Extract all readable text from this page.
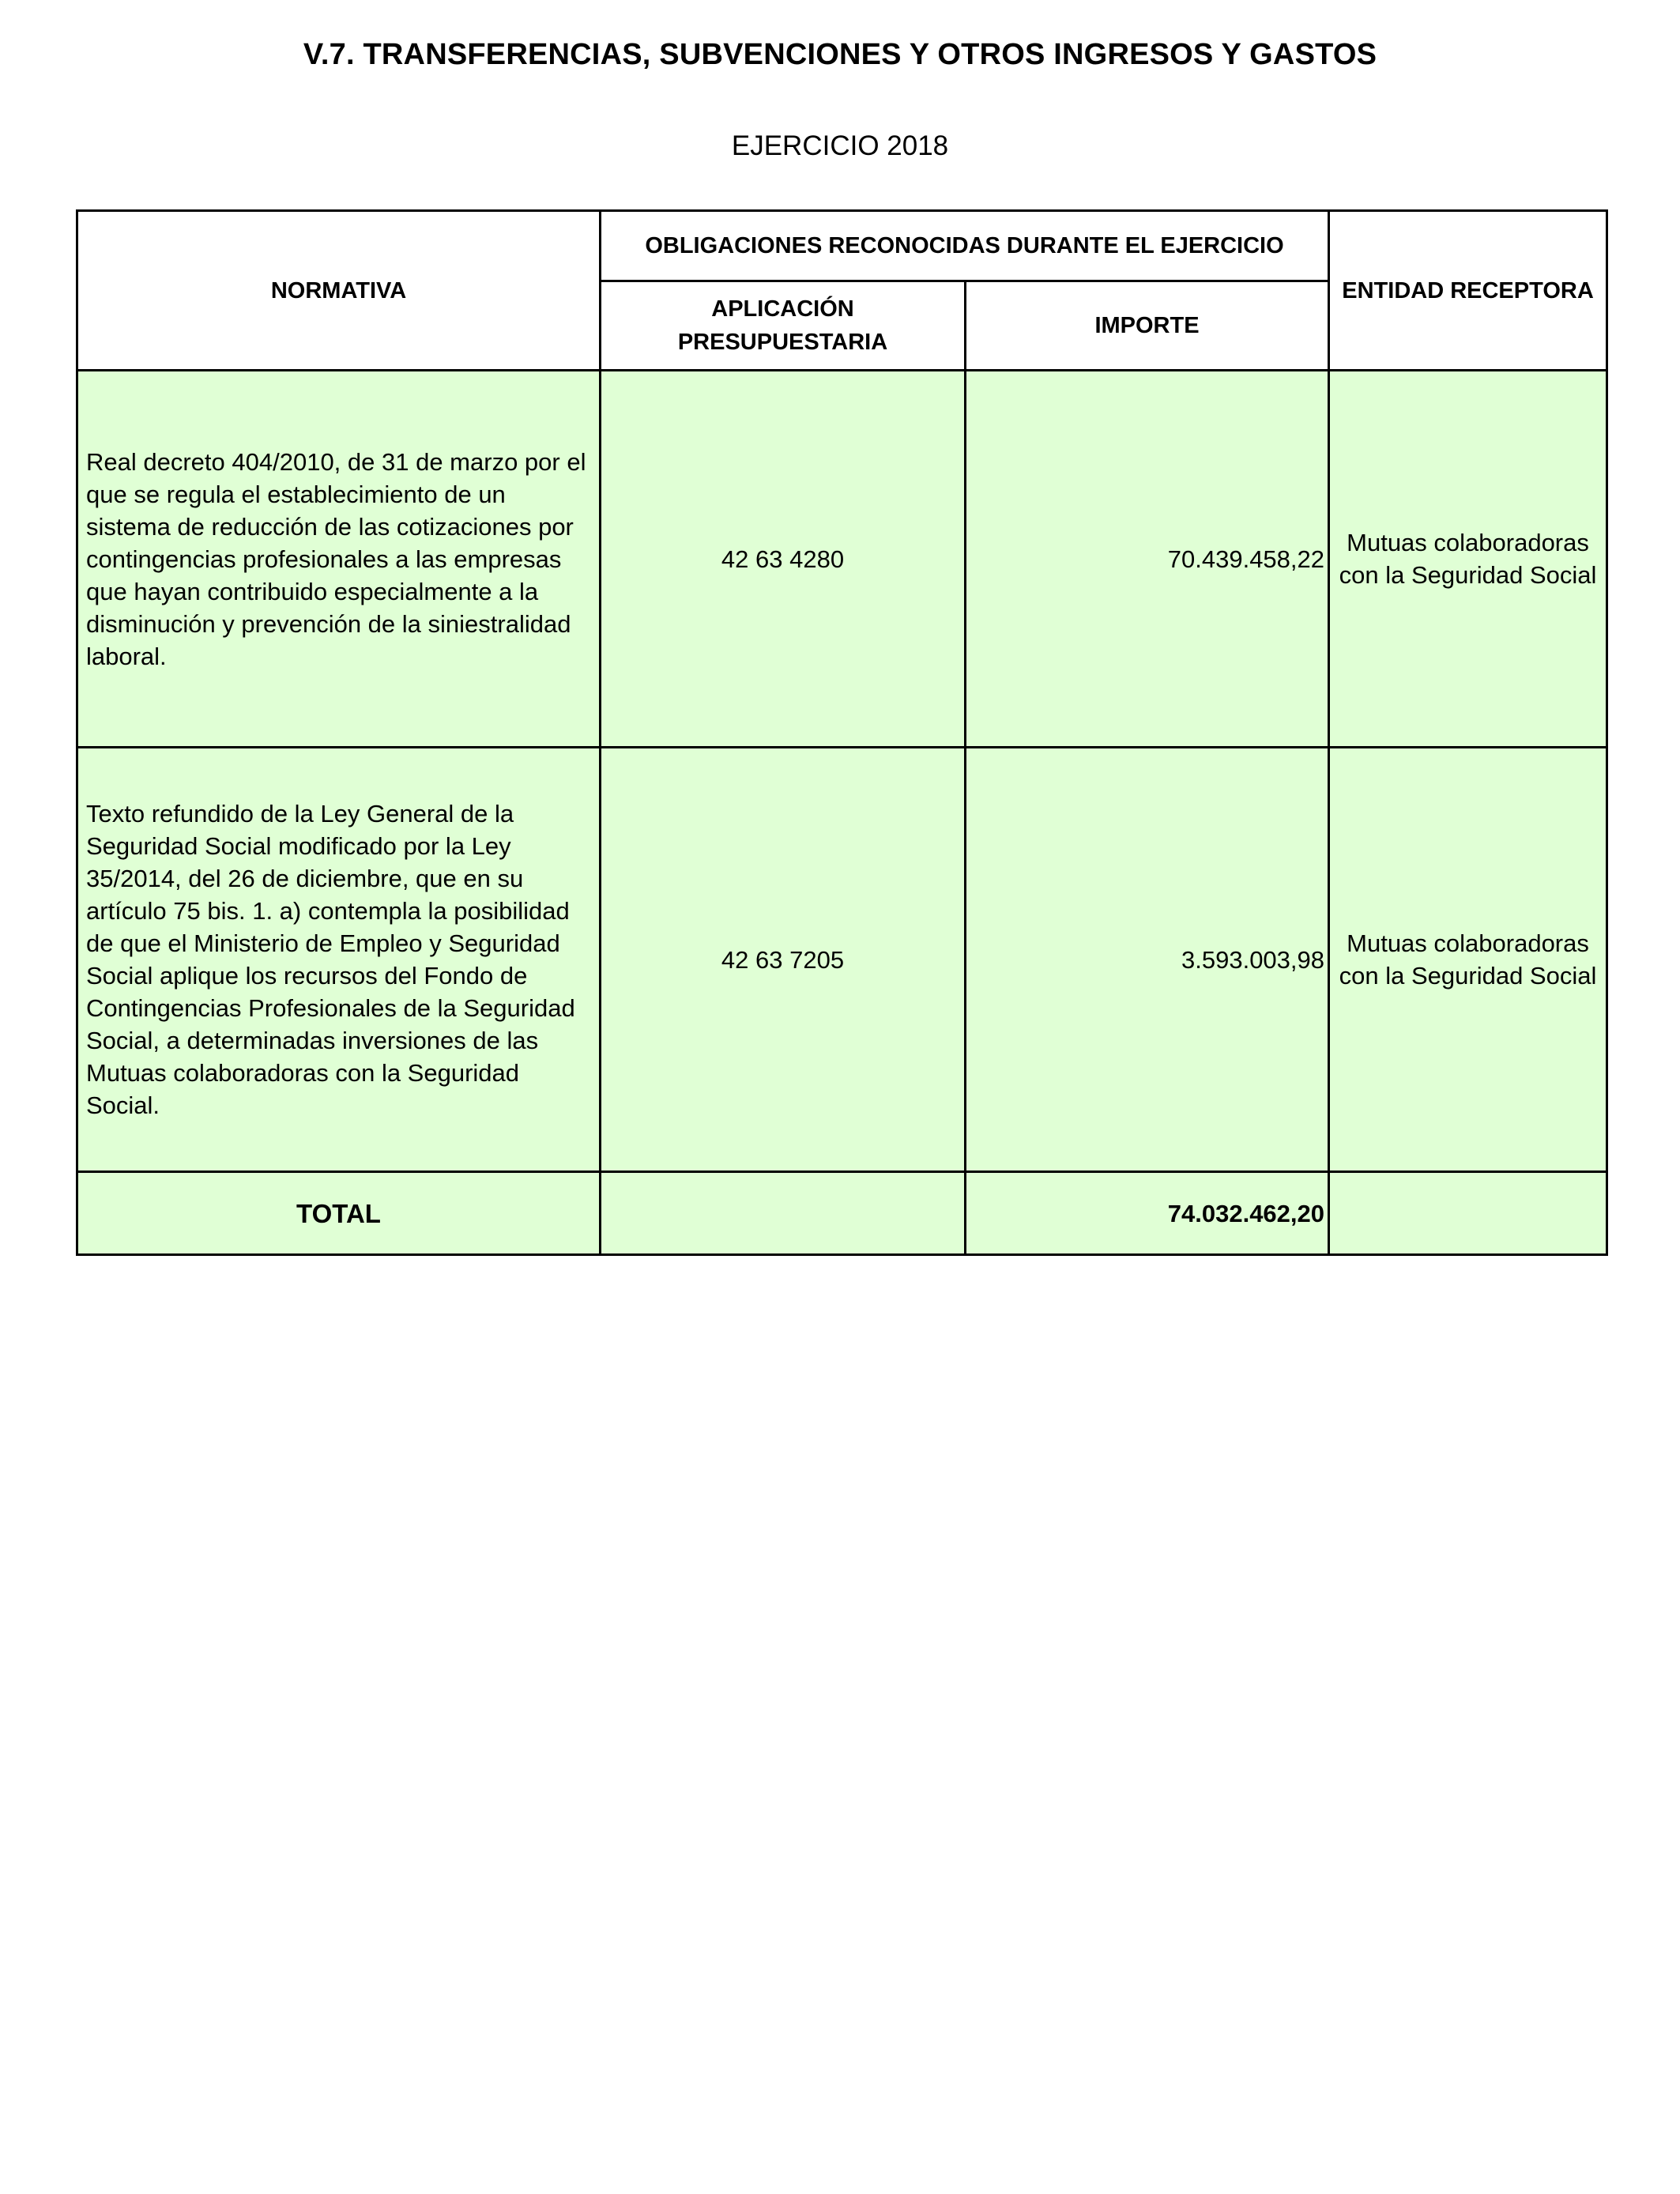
V.7. TRANSFERENCIAS, SUBVENCIONES Y OTROS INGRESOS Y GASTOS
EJERCICIO 2018
NORMATIVA	OBLIGACIONES RECONOCIDAS DURANTE EL EJERCICIO		ENTIDAD RECEPTORA
	APLICACIÓN PRESUPUESTARIA	IMPORTE	
Real decreto 404/2010, de 31 de marzo por el que se regula el establecimiento de un sistema de reducción de las cotizaciones por contingencias profesionales a las empresas que hayan contribuido especialmente a la disminución y prevención de la siniestralidad laboral.	42 63 4280	70.439.458,22	Mutuas colaboradoras con la Seguridad Social
Texto refundido de la Ley General de la Seguridad Social modificado por la Ley 35/2014, del 26 de diciembre, que en su artículo 75 bis. 1. a) contempla la posibilidad de que el Ministerio de Empleo y Seguridad Social aplique los recursos del Fondo de Contingencias Profesionales de la Seguridad Social, a determinadas inversiones de las Mutuas colaboradoras con la Seguridad Social.	42 63 7205	3.593.003,98	Mutuas colaboradoras con la Seguridad Social
TOTAL		74.032.462,20	
